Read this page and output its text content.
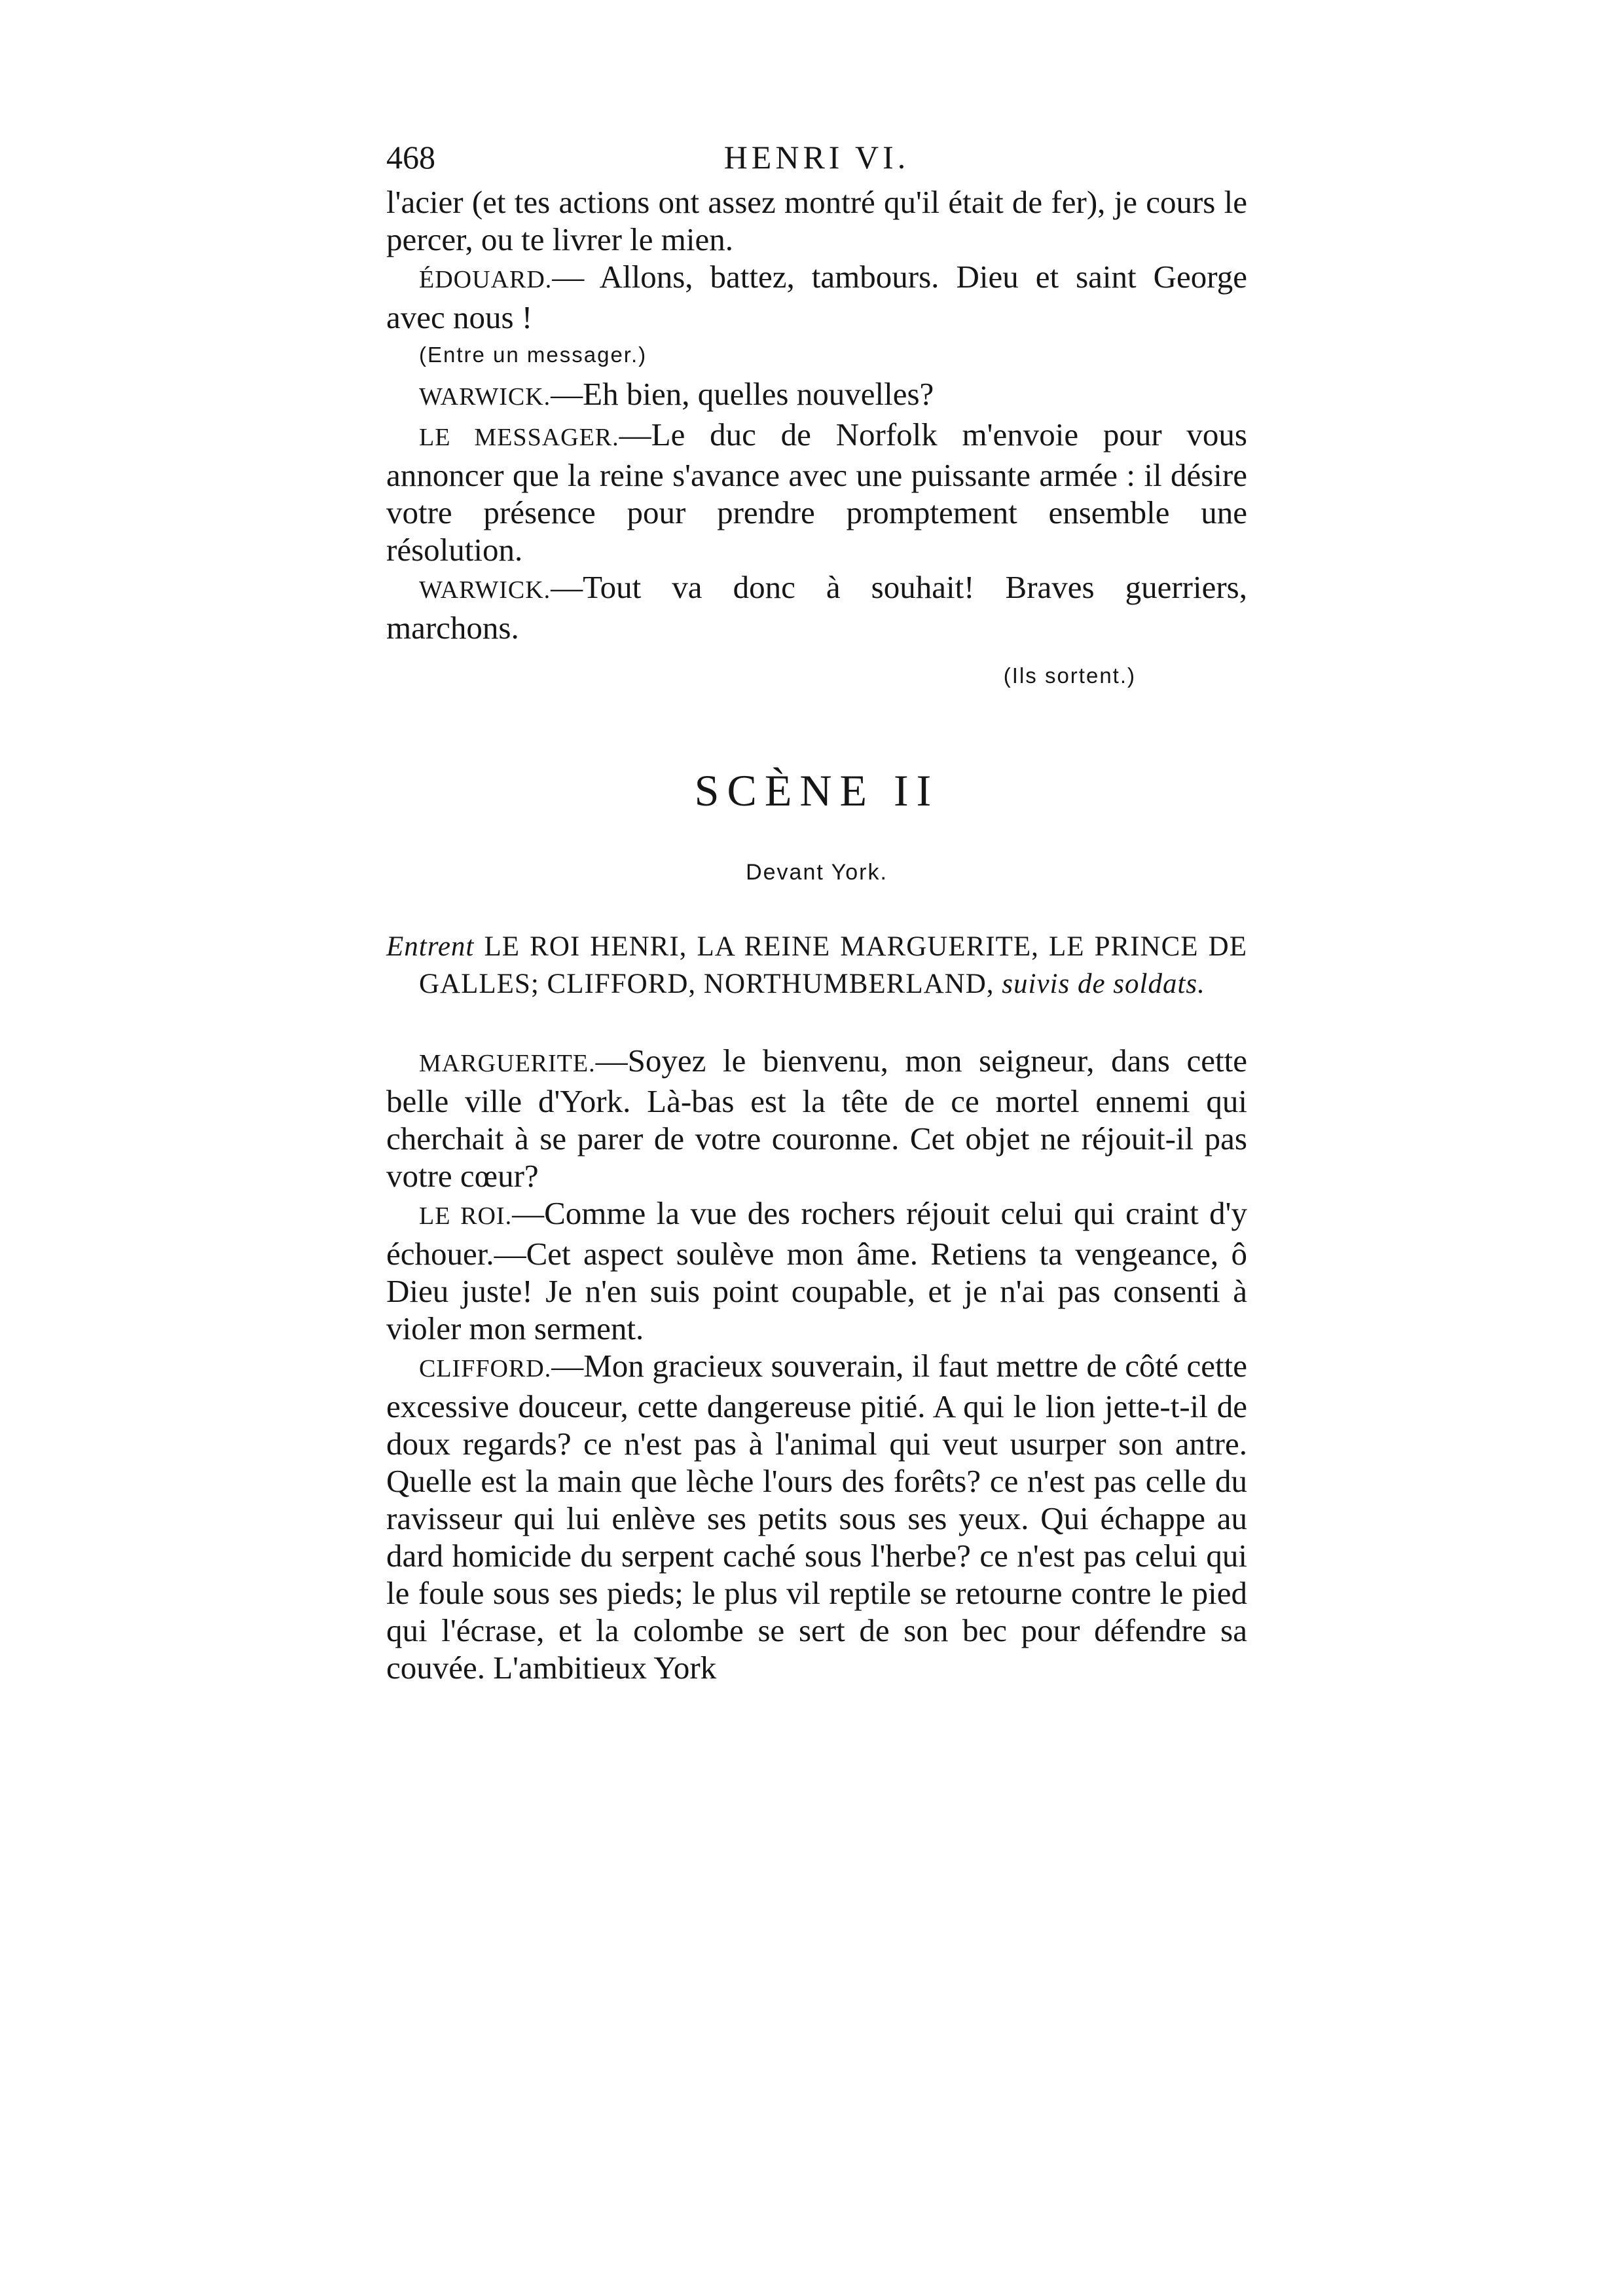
468	HENRI VI.

l'acier (et tes actions ont assez montré qu'il était de fer), je cours le percer, ou te livrer le mien.

ÉDOUARD.— Allons, battez, tambours. Dieu et saint George avec nous !

(Entre un messager.)

WARWICK.—Eh bien, quelles nouvelles?

LE MESSAGER.—Le duc de Norfolk m'envoie pour vous annoncer que la reine s'avance avec une puissante armée : il désire votre présence pour prendre promptement ensemble une résolution.

WARWICK.—Tout va donc à souhait! Braves guerriers, marchons.

(Ils sortent.)
SCÈNE II
Devant York.
Entrent LE ROI HENRI, LA REINE MARGUERITE, LE PRINCE DE GALLES; CLIFFORD, NORTHUMBERLAND, suivis de soldats.

MARGUERITE.—Soyez le bienvenu, mon seigneur, dans cette belle ville d'York. Là-bas est la tête de ce mortel ennemi qui cherchait à se parer de votre couronne. Cet objet ne réjouit-il pas votre cœur?

LE ROI.—Comme la vue des rochers réjouit celui qui craint d'y échouer.—Cet aspect soulève mon âme. Retiens ta vengeance, ô Dieu juste! Je n'en suis point coupable, et je n'ai pas consenti à violer mon serment.

CLIFFORD.—Mon gracieux souverain, il faut mettre de côté cette excessive douceur, cette dangereuse pitié. A qui le lion jette-t-il de doux regards? ce n'est pas à l'animal qui veut usurper son antre. Quelle est la main que lèche l'ours des forêts? ce n'est pas celle du ravisseur qui lui enlève ses petits sous ses yeux. Qui échappe au dard homicide du serpent caché sous l'herbe? ce n'est pas celui qui le foule sous ses pieds; le plus vil reptile se retourne contre le pied qui l'écrase, et la colombe se sert de son bec pour défendre sa couvée. L'ambitieux York
